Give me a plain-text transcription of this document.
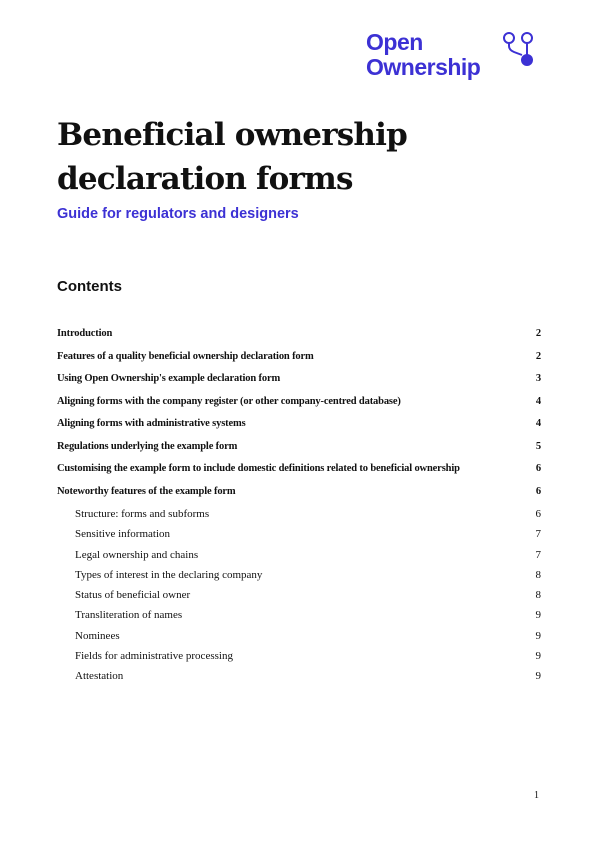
Open
Ownership
Beneficial ownership
declaration forms
Guide for regulators and designers
Contents
Introduction	2
Features of a quality beneficial ownership declaration form	2
Using Open Ownership's example declaration form	3
Aligning forms with the company register (or other company-centred database)	4
Aligning forms with administrative systems	4
Regulations underlying the example form	5
Customising the example form to include domestic definitions related to beneficial ownership	6
Noteworthy features of the example form	6
Structure: forms and subforms	6
Sensitive information	7
Legal ownership and chains	7
Types of interest in the declaring company	8
Status of beneficial owner	8
Transliteration of names	9
Nominees	9
Fields for administrative processing	9
Attestation	9
1
